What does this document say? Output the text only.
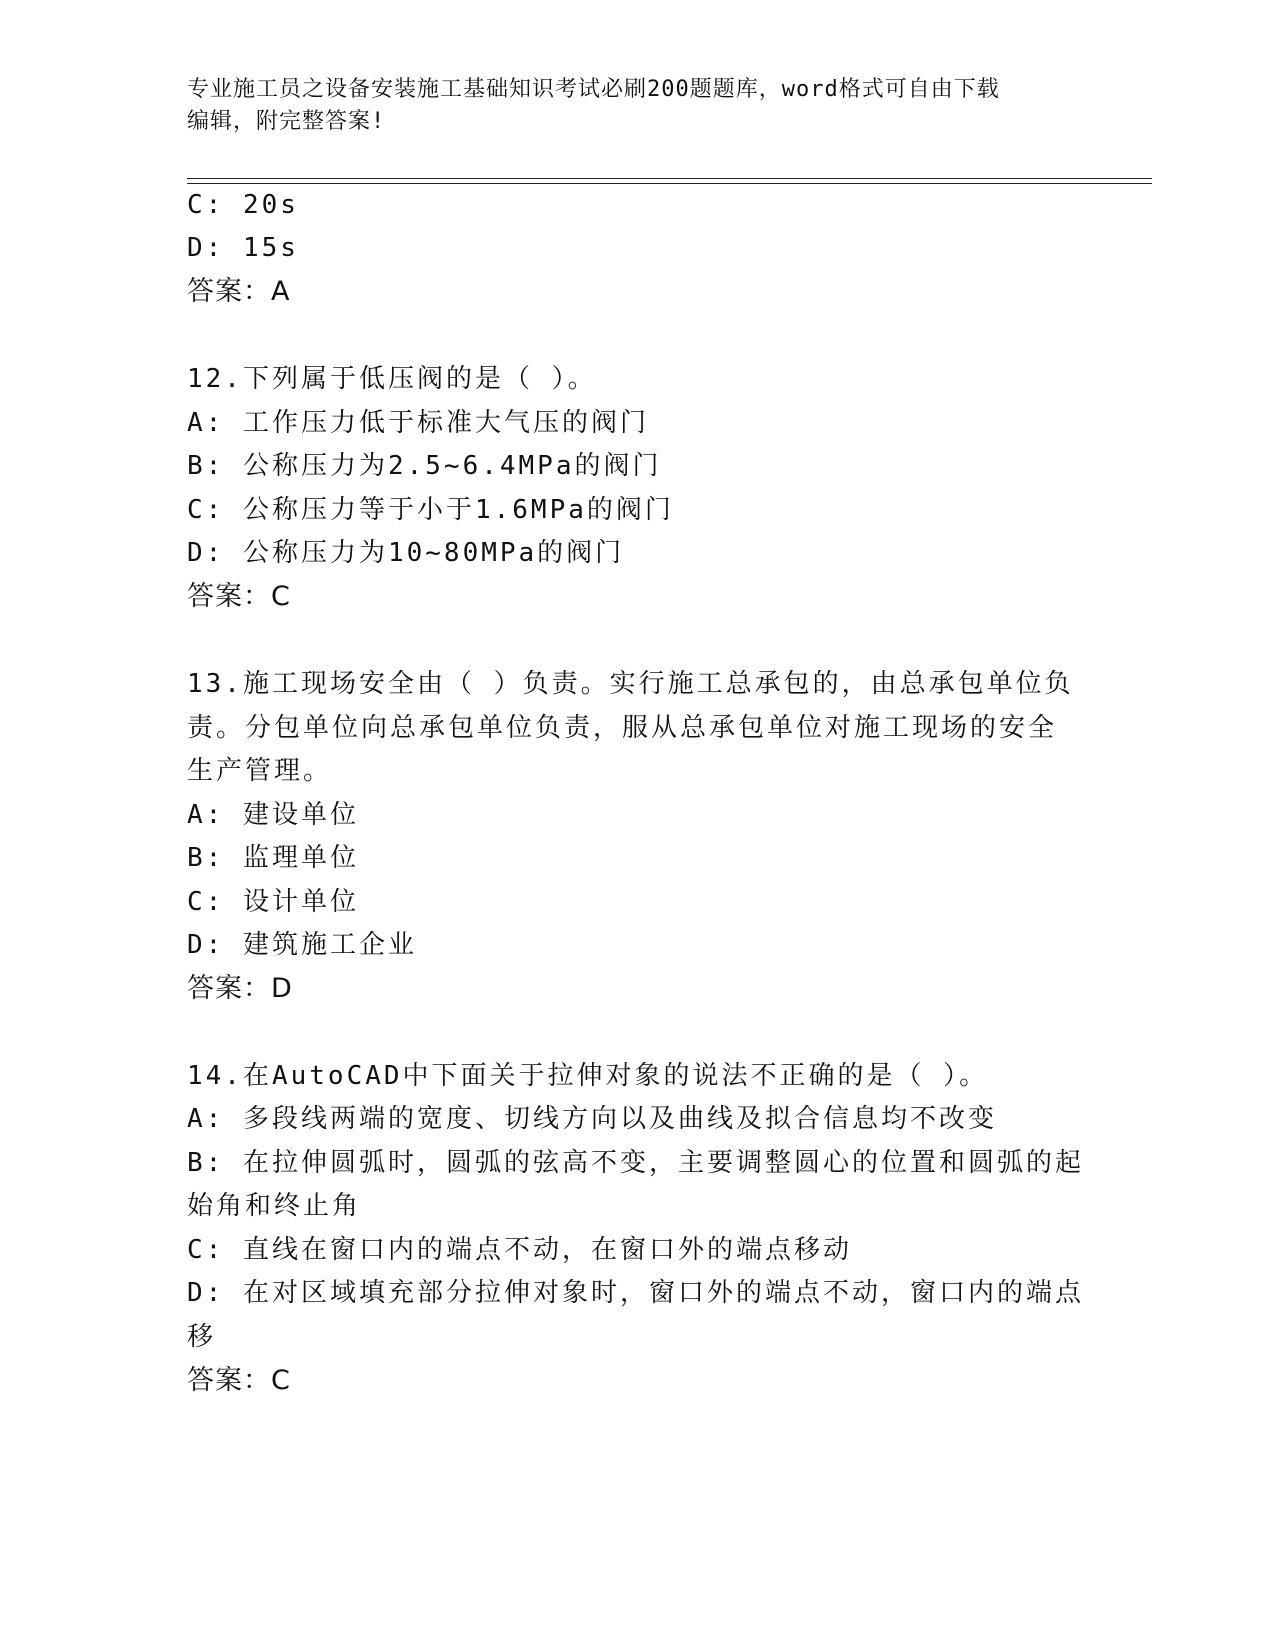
专业施工员之设备安装施工基础知识考试必刷200题题库，word格式可自由下载
编辑，附完整答案!
C: 20s
D: 15s
答案：A
12.下列属于低压阀的是（ ）。
A: 工作压力低于标准大气压的阀门
B: 公称压力为2.5~6.4MPa的阀门
C: 公称压力等于小于1.6MPa的阀门
D: 公称压力为10~80MPa的阀门
答案：C
13.施工现场安全由（ ）负责。实行施工总承包的，由总承包单位负
责。分包单位向总承包单位负责，服从总承包单位对施工现场的安全
生产管理。
A: 建设单位
B: 监理单位
C: 设计单位
D: 建筑施工企业
答案：D
14.在AutoCAD中下面关于拉伸对象的说法不正确的是（ ）。
A: 多段线两端的宽度、切线方向以及曲线及拟合信息均不改变
B: 在拉伸圆弧时，圆弧的弦高不变，主要调整圆心的位置和圆弧的起
始角和终止角
C: 直线在窗口内的端点不动，在窗口外的端点移动
D: 在对区域填充部分拉伸对象时，窗口外的端点不动，窗口内的端点
移
答案：C
